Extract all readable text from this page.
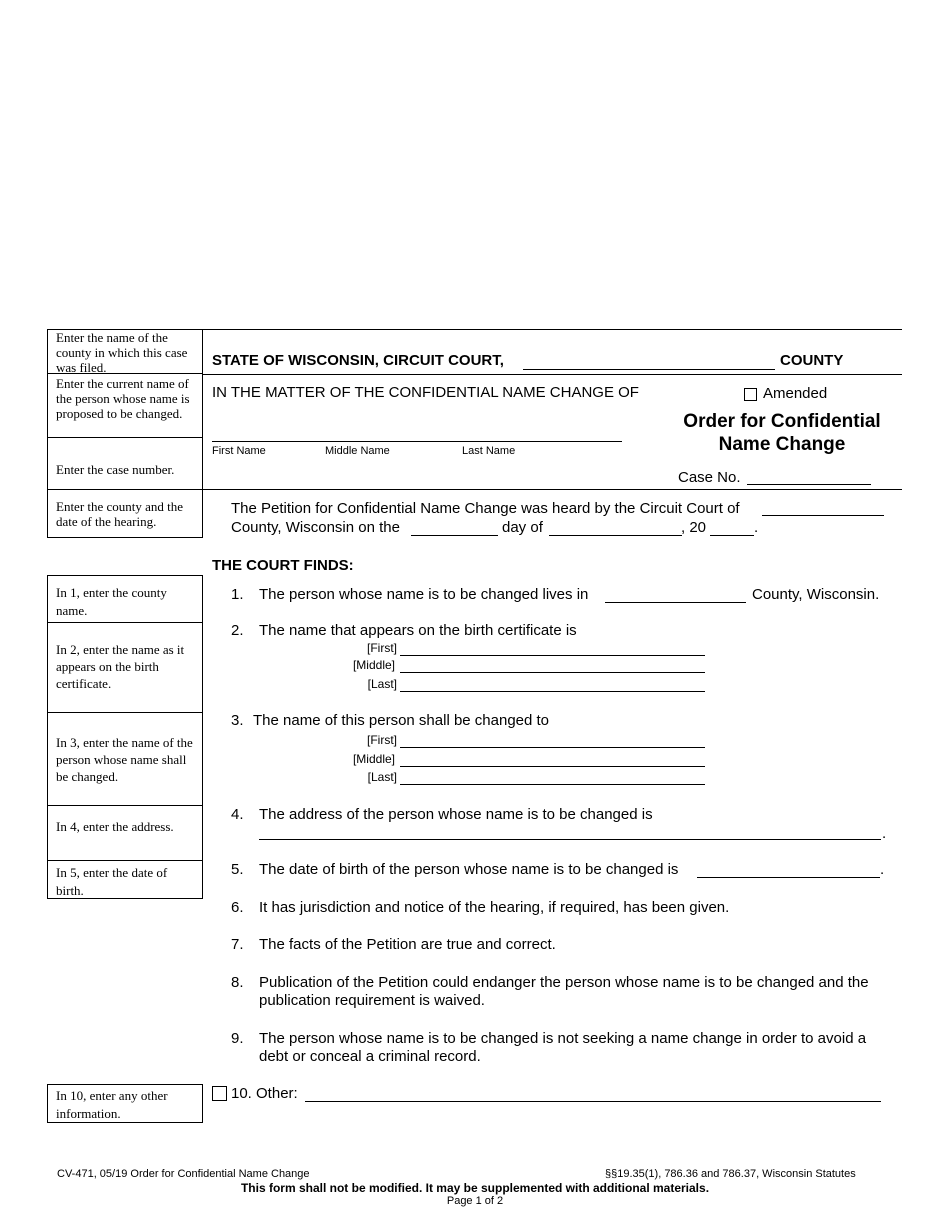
Enter the name of the county in which this case was filed.
Enter the current name of the person whose name is proposed to be changed.
Enter the case number.
Enter the county and the date of the hearing.
In 1, enter the county name.
In 2, enter the name as it appears on the birth certificate.
In 3, enter the name of the person whose name shall be changed.
In 4, enter the address.
In 5, enter the date of birth.
In 10, enter any other information.
STATE OF WISCONSIN, CIRCUIT COURT,	COUNTY
IN THE MATTER OF THE CONFIDENTIAL NAME CHANGE OF	Amended
Order for Confidential
Name Change
First Name	Middle Name	Last Name
Case No.
The Petition for Confidential Name Change was heard by the Circuit Court of
County, Wisconsin on the	day of	, 20	.
THE COURT FINDS:
1. The person whose name is to be changed lives in	County, Wisconsin.
2. The name that appears on the birth certificate is
[First]
[Middle]
[Last]
3. The name of this person shall be changed to
[First]
[Middle]
[Last]
4. The address of the person whose name is to be changed is
.
5. The date of birth of the person whose name is to be changed is	.
6. It has jurisdiction and notice of the hearing, if required, has been given.
7. The facts of the Petition are true and correct.
8. Publication of the Petition could endanger the person whose name is to be changed and the
publication requirement is waived.
9. The person whose name is to be changed is not seeking a name change in order to avoid a
debt or conceal a criminal record.
10. Other:
CV-471, 05/19 Order for Confidential Name Change	§§19.35(1), 786.36 and 786.37, Wisconsin Statutes
This form shall not be modified. It may be supplemented with additional materials.
Page 1 of 2
